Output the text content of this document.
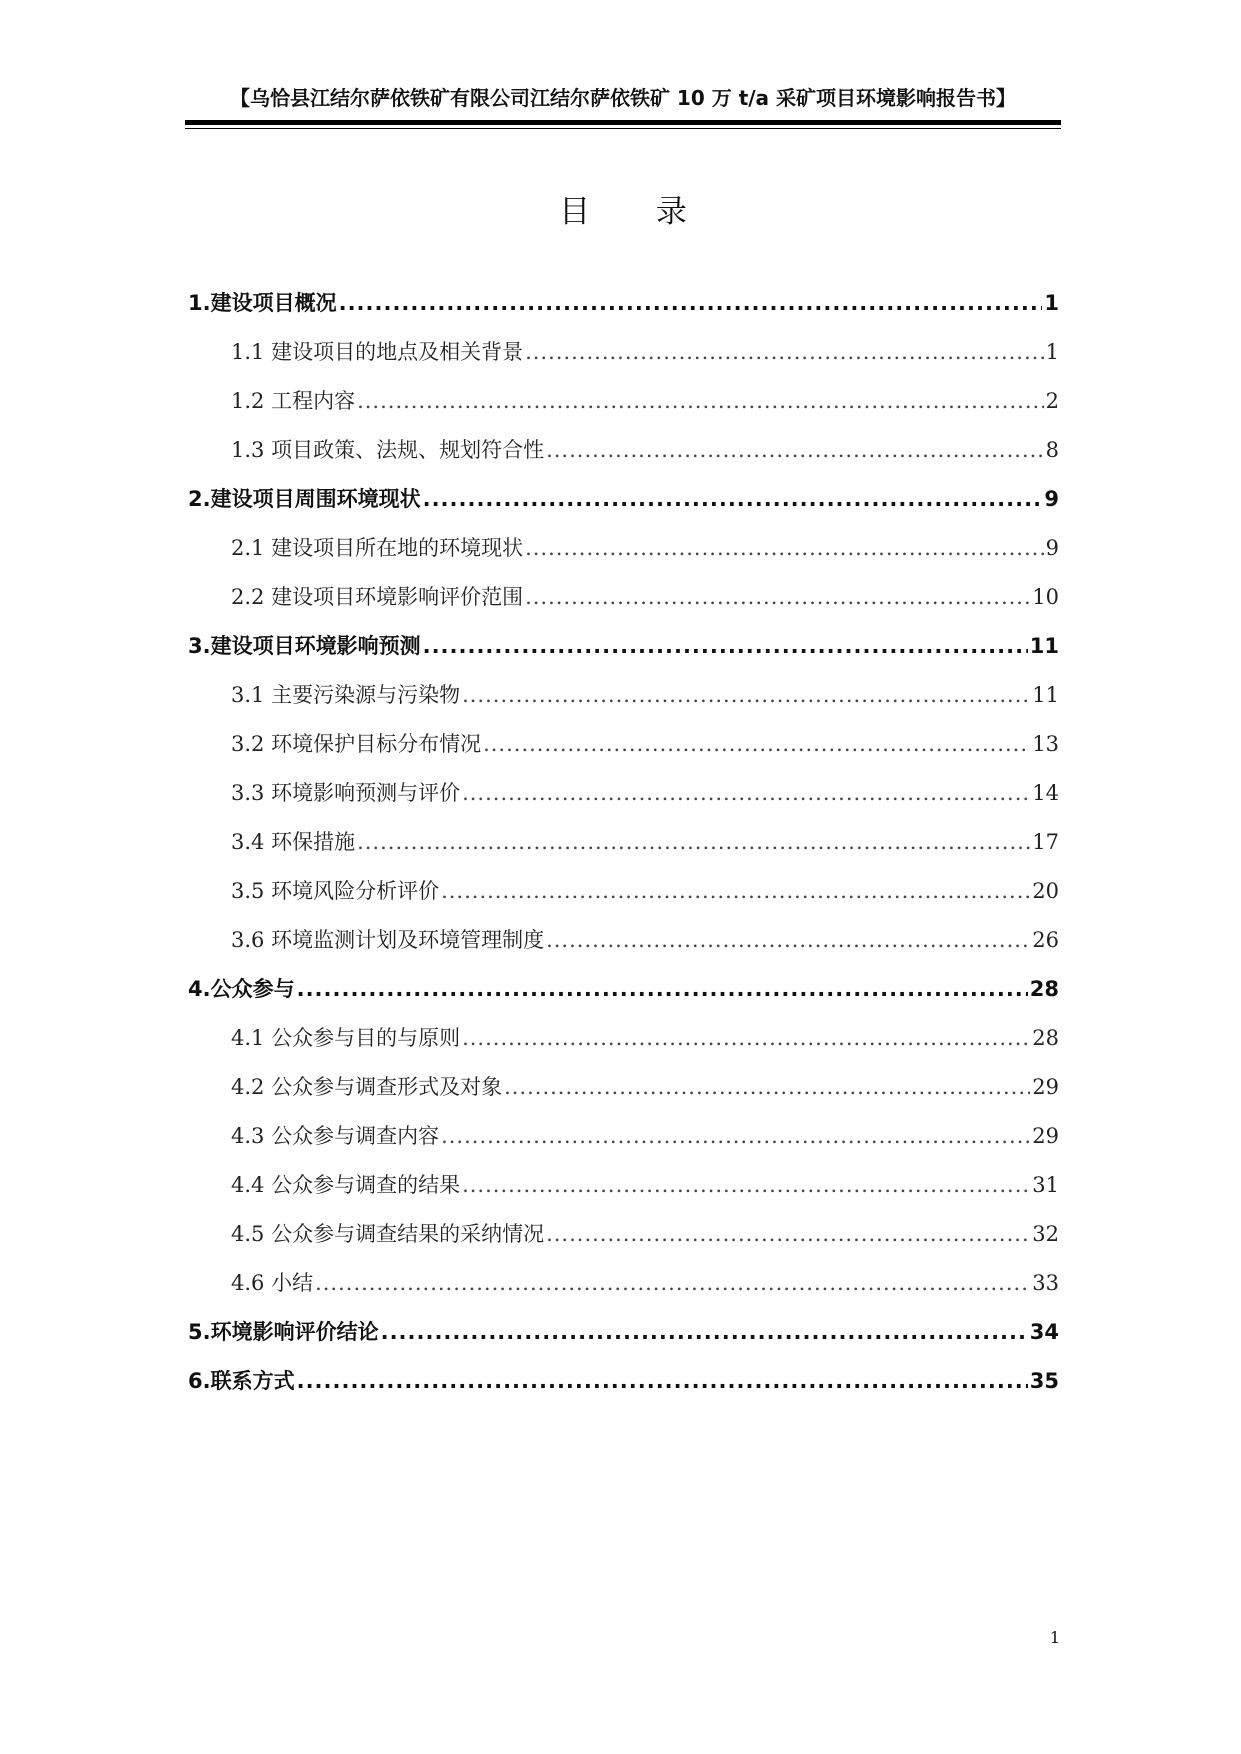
【乌恰县江结尔萨依铁矿有限公司江结尔萨依铁矿 10 万 t/a 采矿项目环境影响报告书】
目 录
1.建设项目概况 .....	1
1.1 建设项目的地点及相关背景 .....	1
1.2 工程内容 .....	2
1.3 项目政策、法规、规划符合性 .....	8
2.建设项目周围环境现状 .....	9
2.1 建设项目所在地的环境现状 .....	9
2.2 建设项目环境影响评价范围 .....	10
3.建设项目环境影响预测 .....	11
3.1 主要污染源与污染物 .....	11
3.2 环境保护目标分布情况 .....	13
3.3 环境影响预测与评价 .....	14
3.4 环保措施 .....	17
3.5 环境风险分析评价 .....	20
3.6 环境监测计划及环境管理制度 .....	26
4.公众参与 .....	28
4.1 公众参与目的与原则 .....	28
4.2 公众参与调查形式及对象 .....	29
4.3 公众参与调查内容 .....	29
4.4 公众参与调查的结果 .....	31
4.5 公众参与调查结果的采纳情况 .....	32
4.6 小结 .....	33
5.环境影响评价结论 .....	34
6.联系方式 .....	35
1
